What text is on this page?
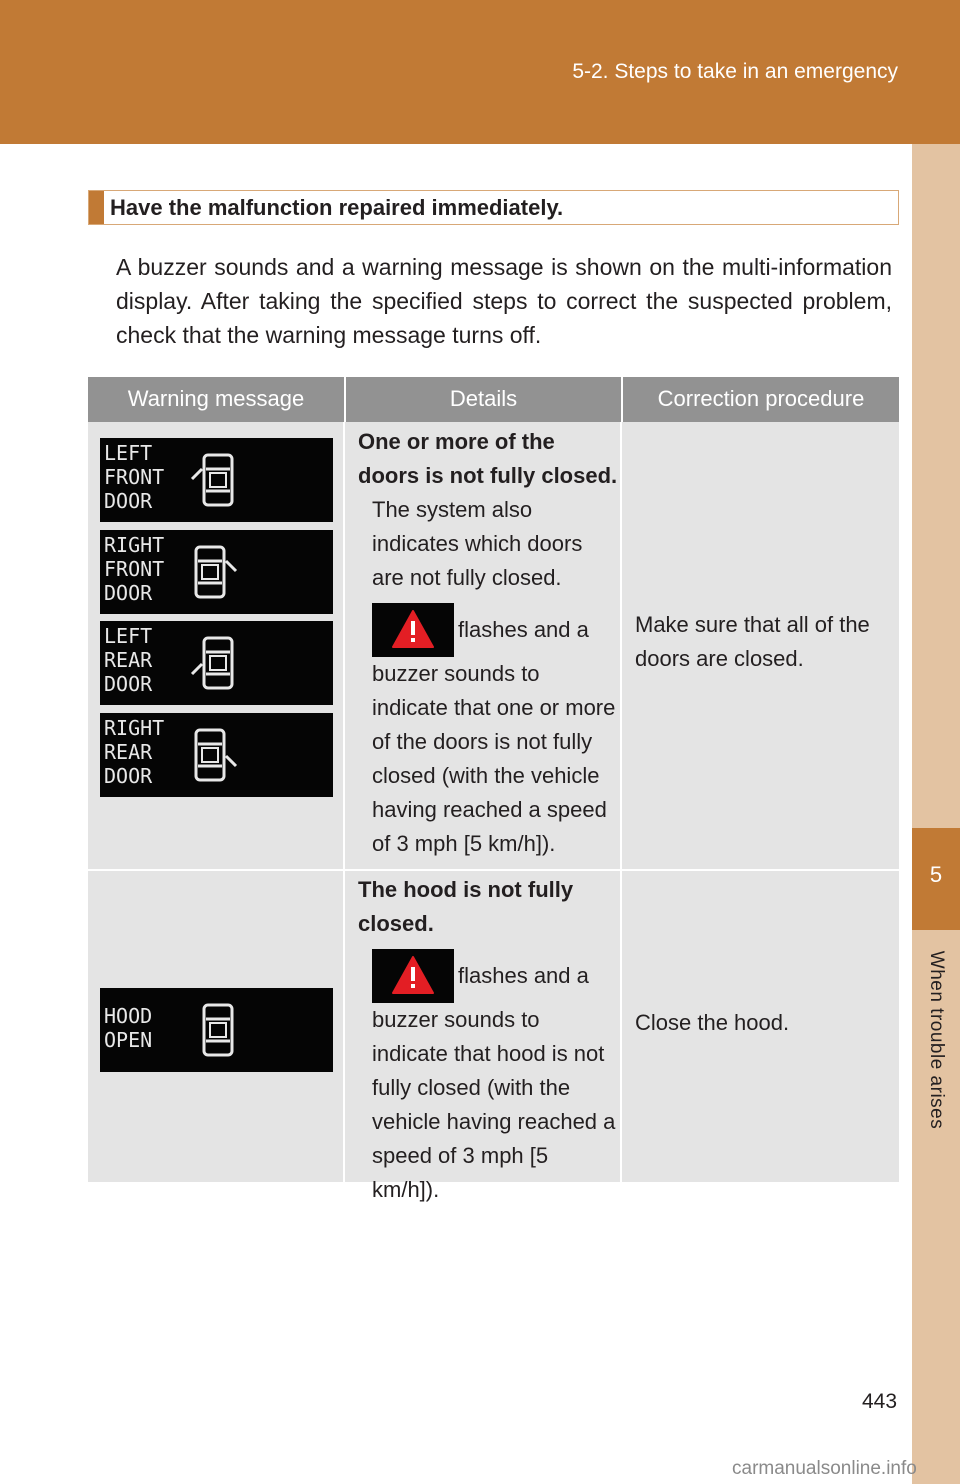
5-2. Steps to take in an emergency
5
When trouble arises
Have the malfunction repaired immediately.

A buzzer sounds and a warning message is shown on the multi-information display. After taking the specified steps to correct the suspected problem, check that the warning message turns off.

Warning message	Details	Correction procedure
LEFT
FRONT
DOOR
RIGHT
FRONT
DOOR
LEFT
REAR
DOOR
RIGHT
REAR
DOOR
One or more of the doors is not fully closed.
The system also indicates which doors are not fully closed.
flashes and a
buzzer sounds to indicate that one or more of the doors is not fully closed (with the vehicle having reached a speed of 3 mph [5 km/h]).
Make sure that all of the doors are closed.
HOOD
OPEN
The hood is not fully closed.
flashes and a
buzzer sounds to indicate that hood is not fully closed (with the vehicle having reached a speed of 3 mph [5 km/h]).
Close the hood.
443
carmanualsonline.info
